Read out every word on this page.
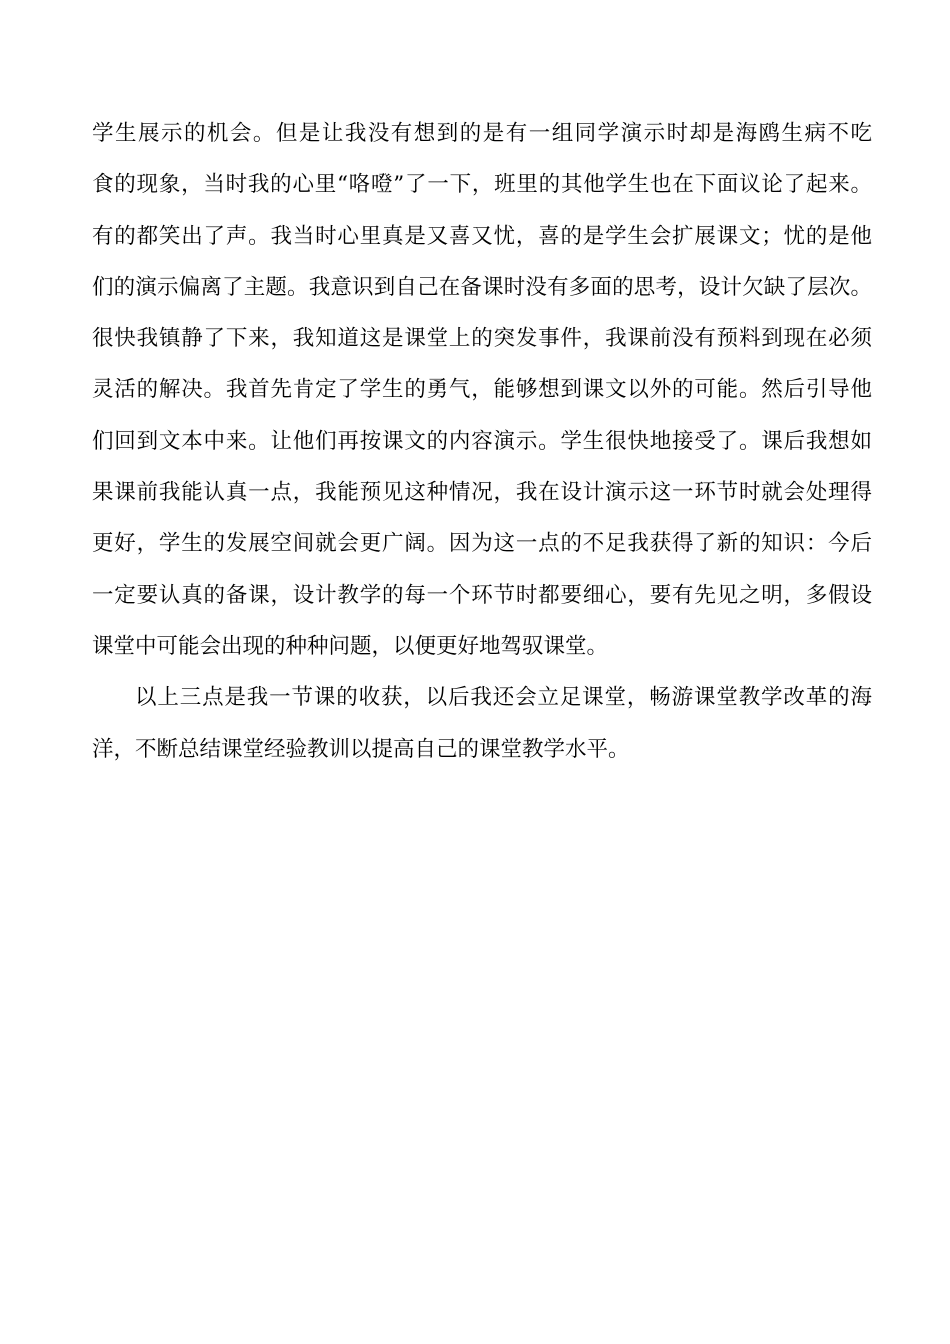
学生展示的机会。但是让我没有想到的是有一组同学演示时却是海鸥生病不吃
食的现象，当时我的心里“咯噔”了一下，班里的其他学生也在下面议论了起来。
有的都笑出了声。我当时心里真是又喜又忧，喜的是学生会扩展课文；忧的是他
们的演示偏离了主题。我意识到自己在备课时没有多面的思考，设计欠缺了层次。
很快我镇静了下来，我知道这是课堂上的突发事件，我课前没有预料到现在必须
灵活的解决。我首先肯定了学生的勇气，能够想到课文以外的可能。然后引导他
们回到文本中来。让他们再按课文的内容演示。学生很快地接受了。课后我想如
果课前我能认真一点，我能预见这种情况，我在设计演示这一环节时就会处理得
更好，学生的发展空间就会更广阔。因为这一点的不足我获得了新的知识：今后
一定要认真的备课，设计教学的每一个环节时都要细心，要有先见之明，多假设
课堂中可能会出现的种种问题，以便更好地驾驭课堂。
以上三点是我一节课的收获，以后我还会立足课堂，畅游课堂教学改革的海
洋，不断总结课堂经验教训以提高自己的课堂教学水平。
